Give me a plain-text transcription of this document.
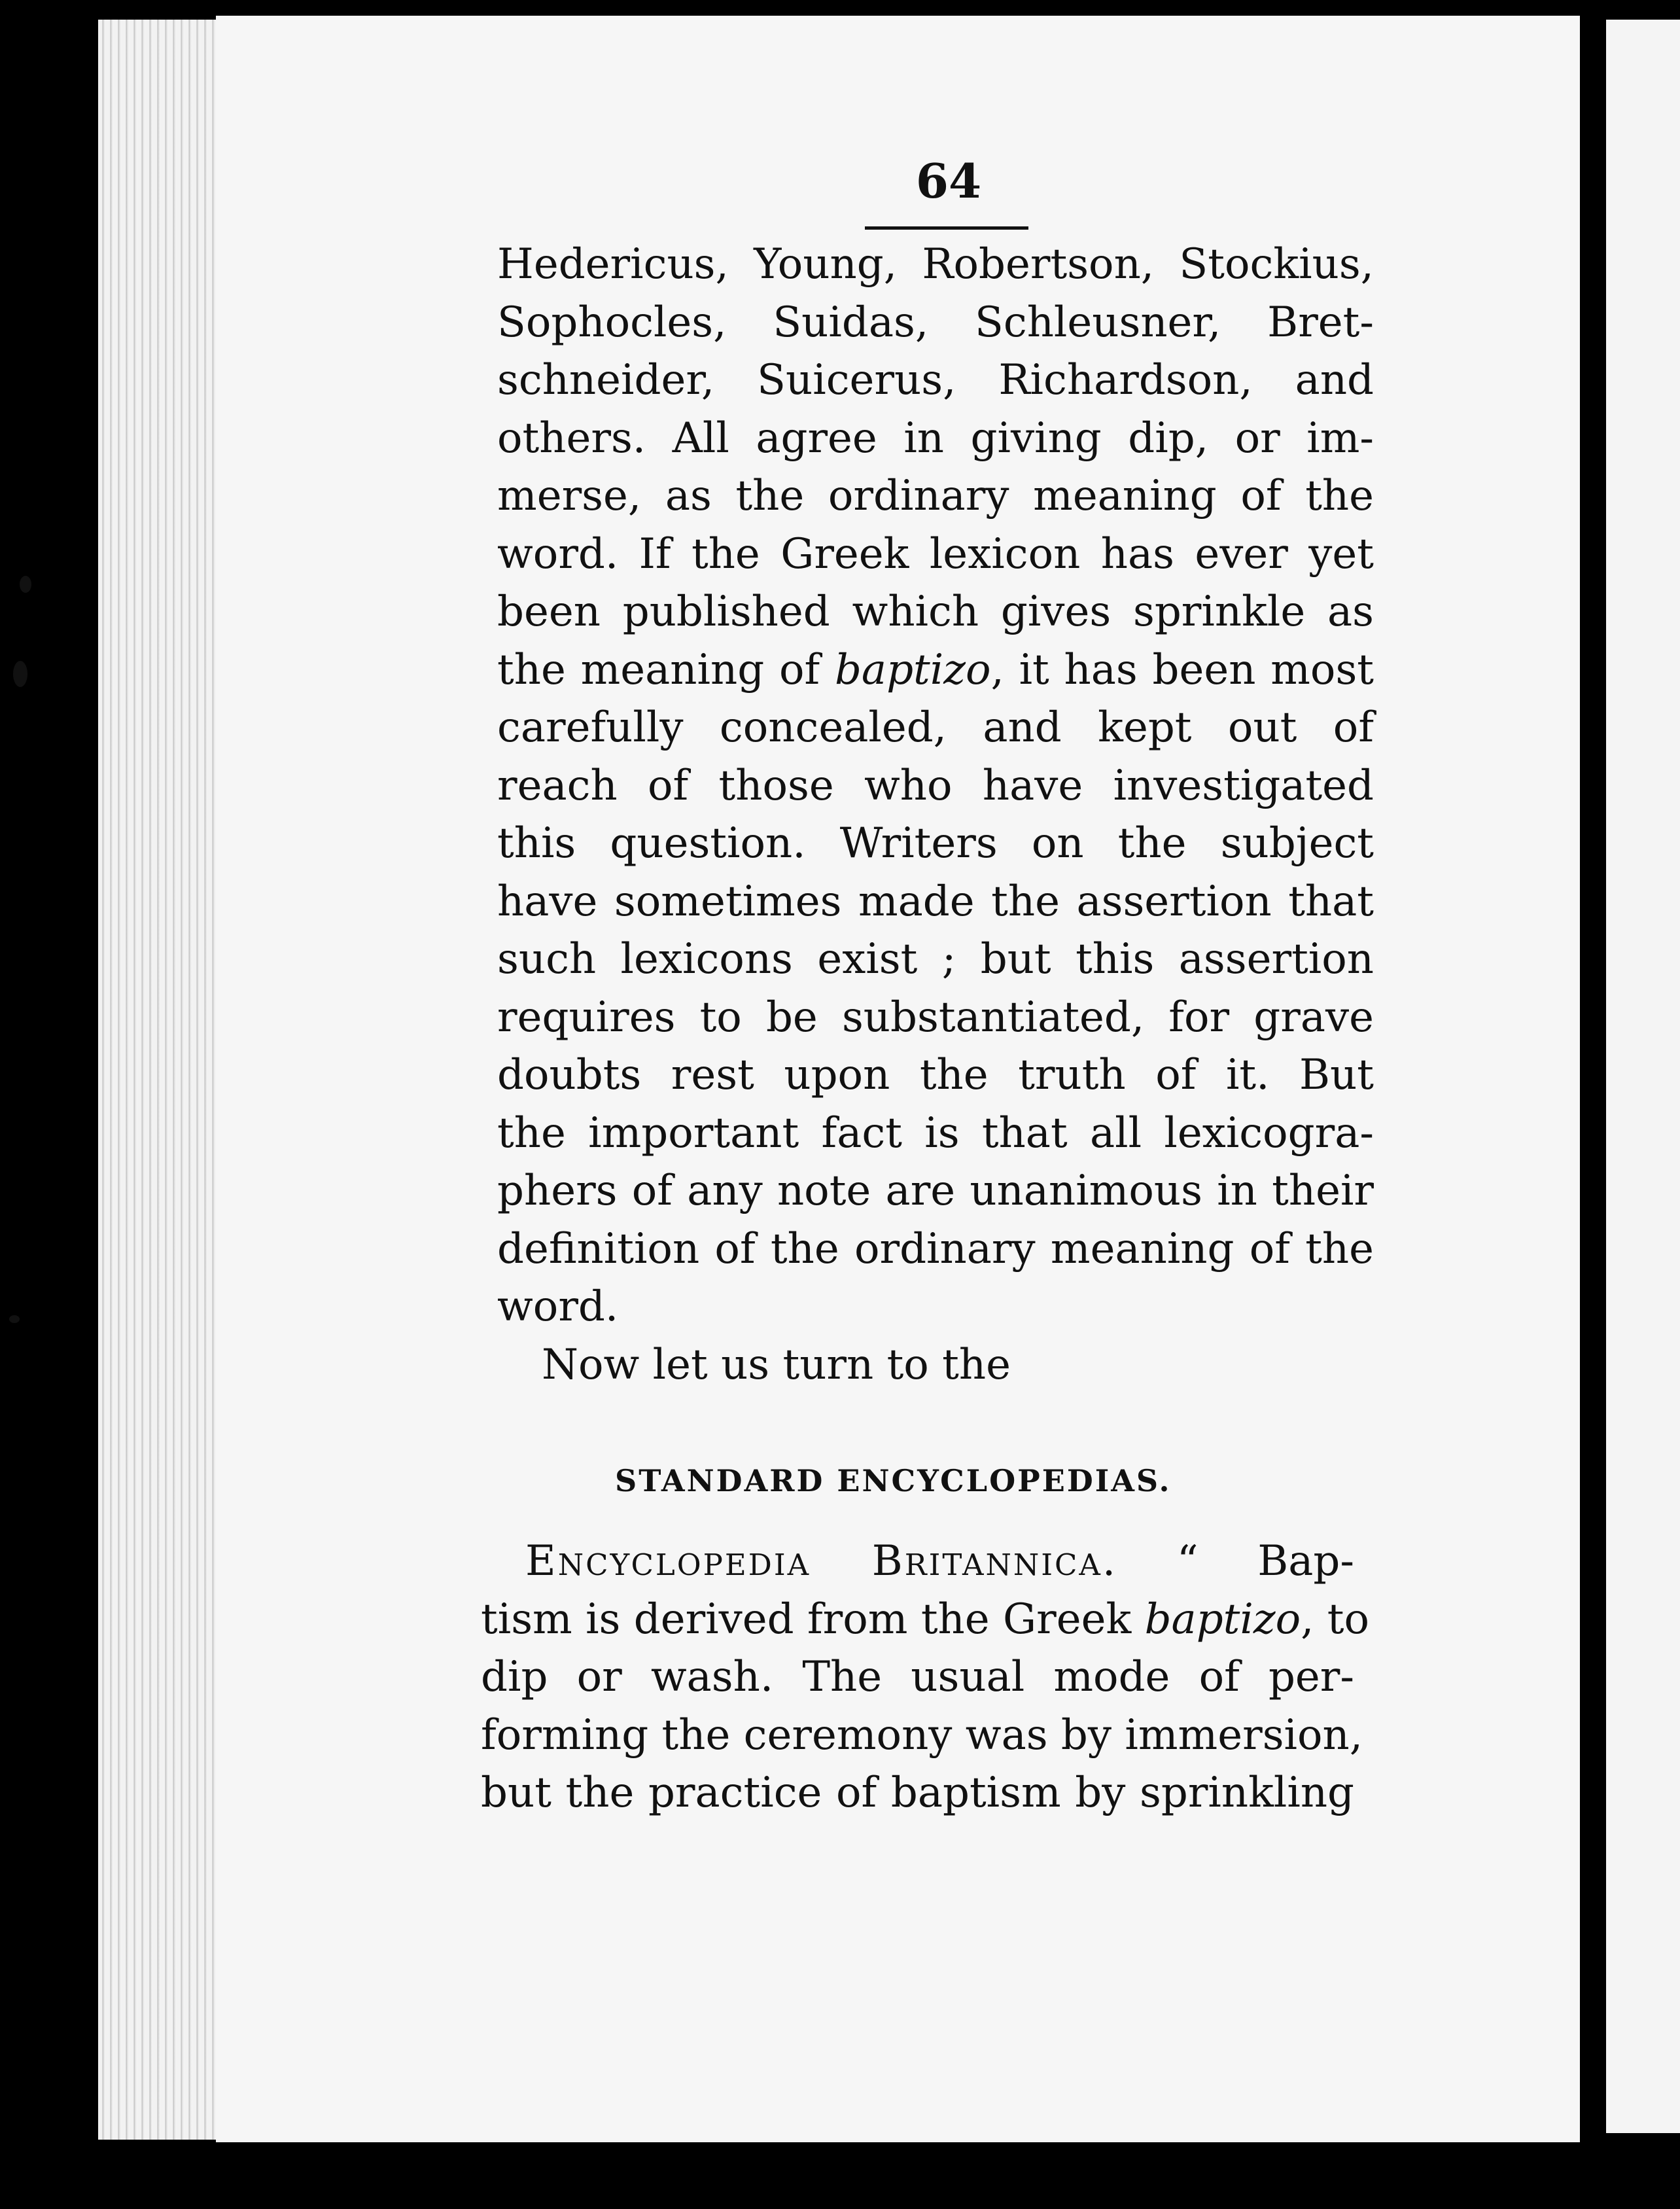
64
Hedericus, Young, Robertson, Stockius,
Sophocles, Suidas, Schleusner, Bret-
schneider, Suicerus, Richardson, and
others. All agree in giving dip, or im-
merse, as the ordinary meaning of the
word. If the Greek lexicon has ever yet
been published which gives sprinkle as
the meaning of baptizo, it has been most
carefully concealed, and kept out of
reach of those who have investigated
this question. Writers on the subject
have sometimes made the assertion that
such lexicons exist ; but this assertion
requires to be substantiated, for grave
doubts rest upon the truth of it. But
the important fact is that all lexicogra-
phers of any note are unanimous in their
definition of the ordinary meaning of the
word.
Now let us turn to the
STANDARD ENCYCLOPEDIAS.
Encyclopedia Britannica. “ Bap-
tism is derived from the Greek baptizo, to
dip or wash. The usual mode of per-
forming the ceremony was by immersion,
but the practice of baptism by sprinkling
